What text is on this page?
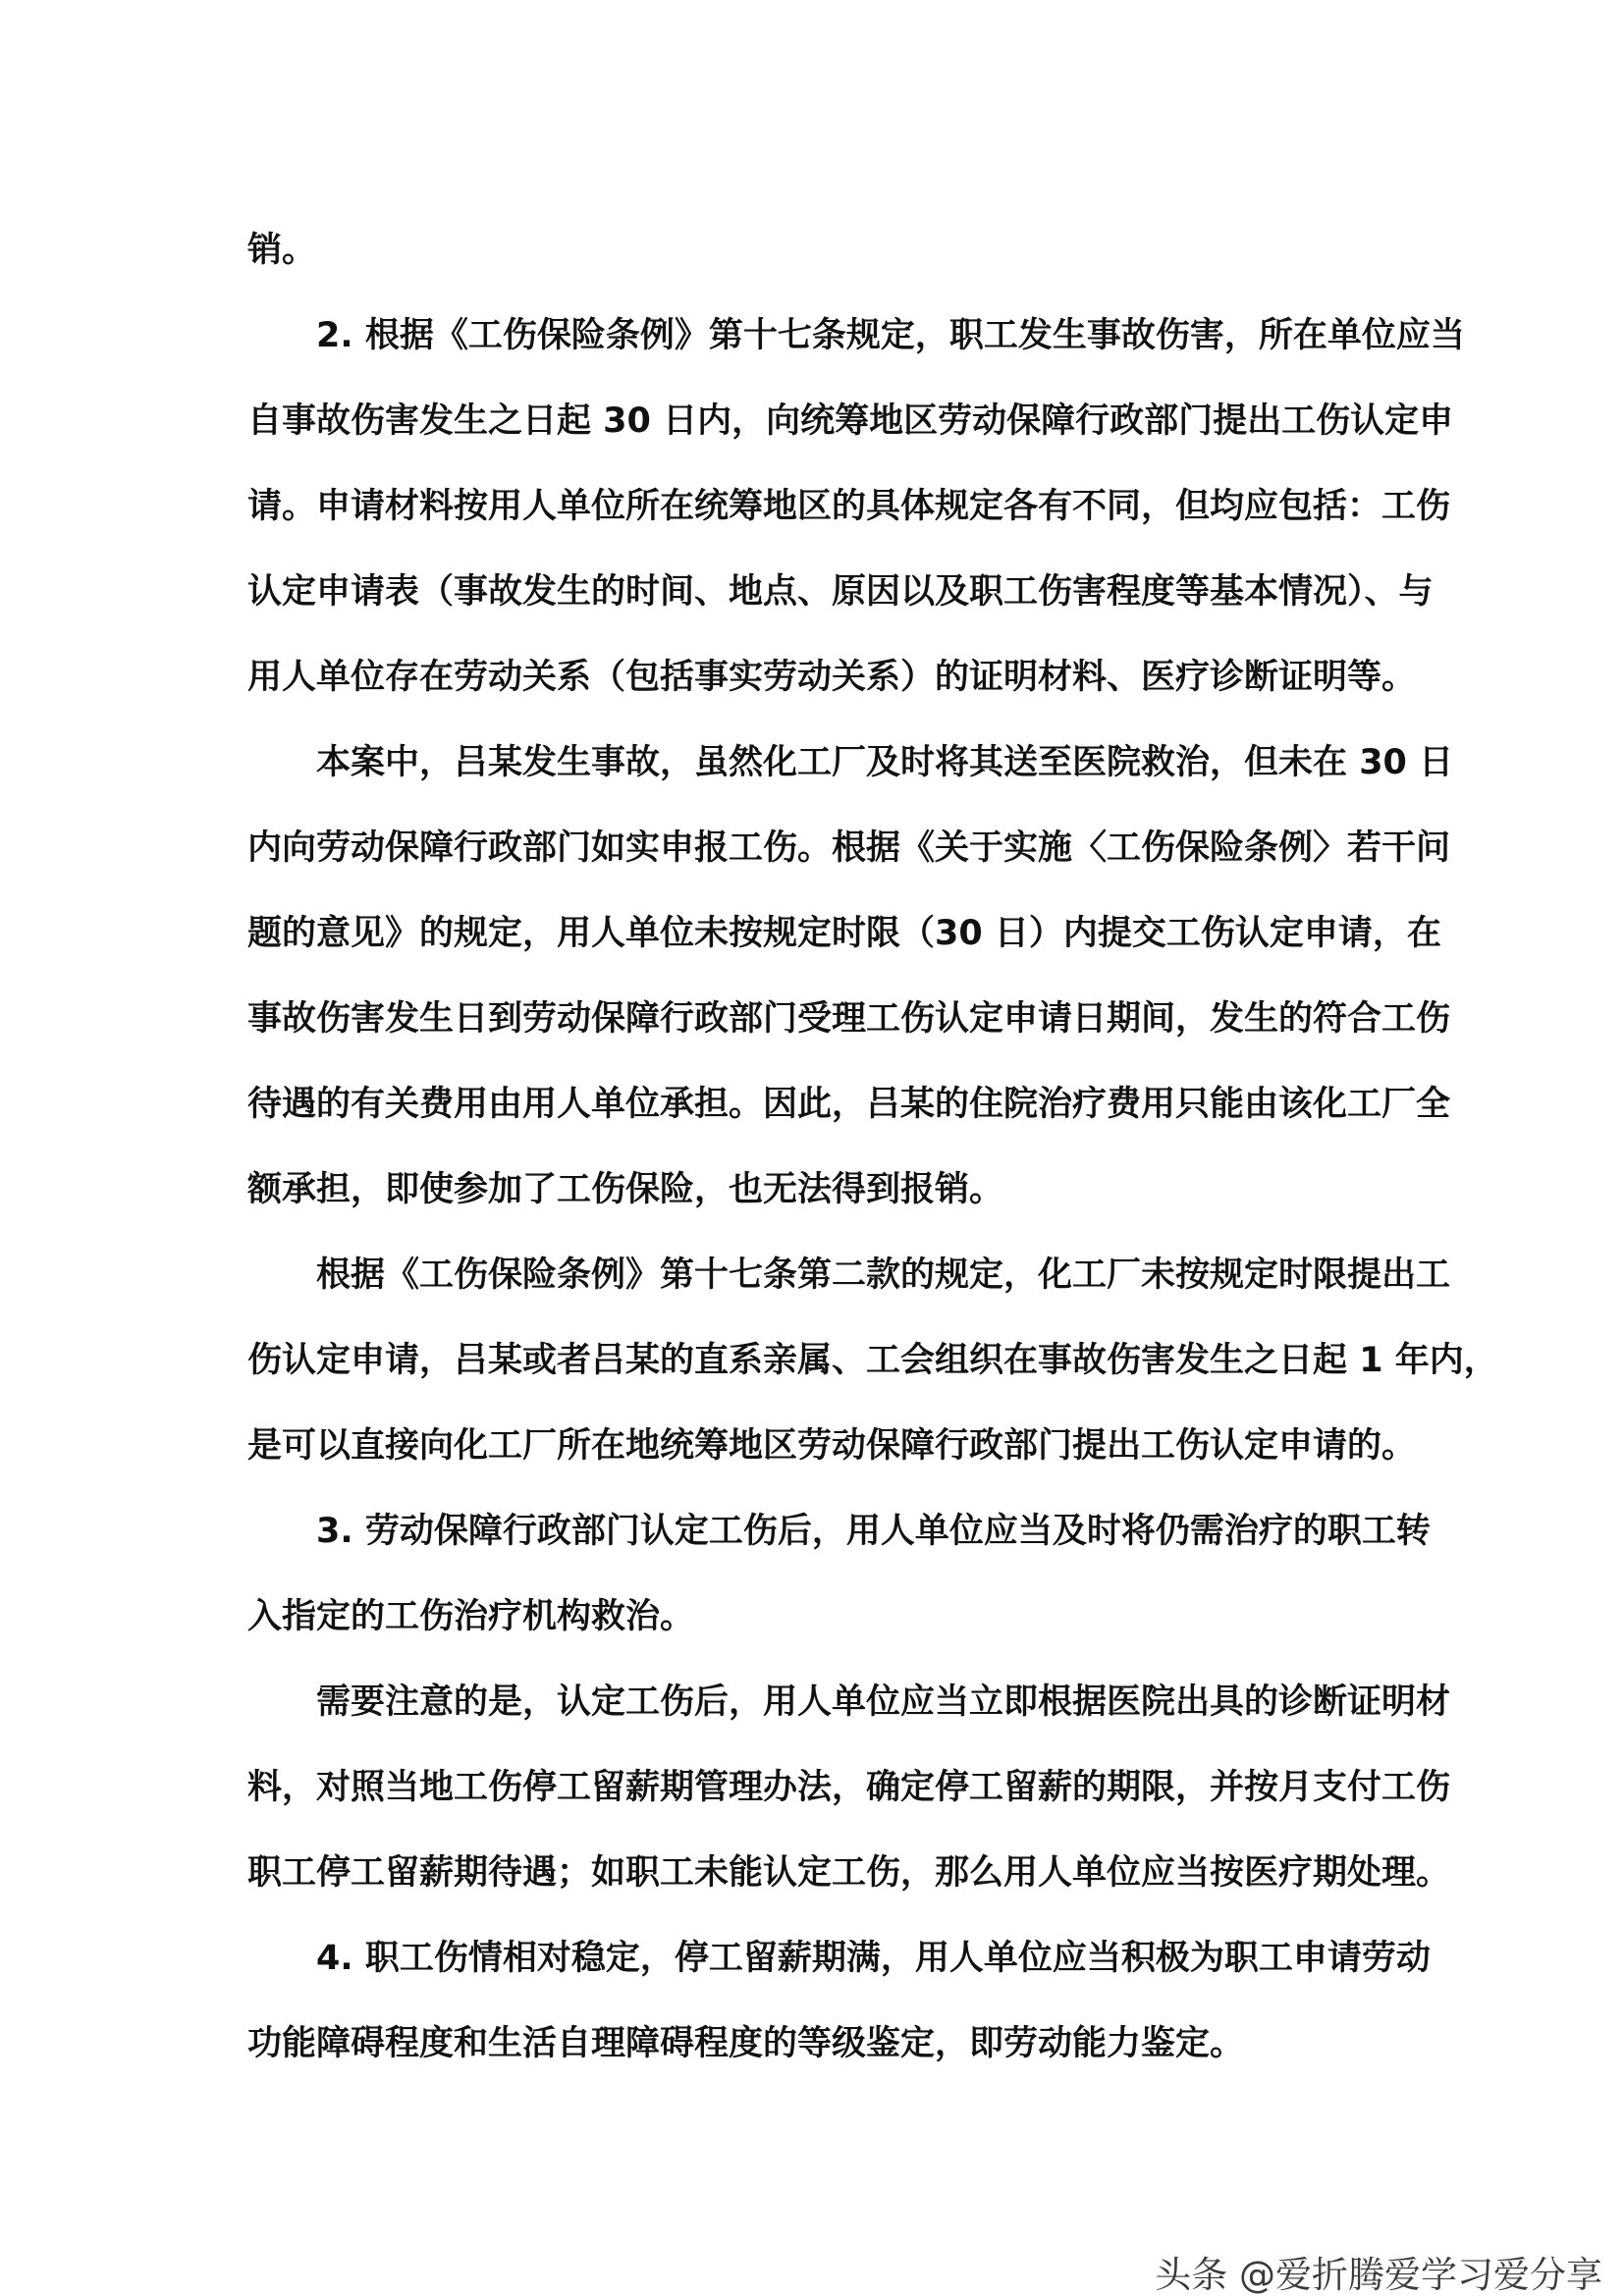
销。
2. 根据《工伤保险条例》第十七条规定，职工发生事故伤害，所在单位应当
自事故伤害发生之日起 30 日内，向统筹地区劳动保障行政部门提出工伤认定申
请。申请材料按用人单位所在统筹地区的具体规定各有不同，但均应包括：工伤
认定申请表（事故发生的时间、地点、原因以及职工伤害程度等基本情况）、与
用人单位存在劳动关系（包括事实劳动关系）的证明材料、医疗诊断证明等。
本案中，吕某发生事故，虽然化工厂及时将其送至医院救治，但未在 30 日
内向劳动保障行政部门如实申报工伤。根据《关于实施〈工伤保险条例〉若干问
题的意见》的规定，用人单位未按规定时限（30 日）内提交工伤认定申请，在
事故伤害发生日到劳动保障行政部门受理工伤认定申请日期间，发生的符合工伤
待遇的有关费用由用人单位承担。因此，吕某的住院治疗费用只能由该化工厂全
额承担，即使参加了工伤保险，也无法得到报销。
根据《工伤保险条例》第十七条第二款的规定，化工厂未按规定时限提出工
伤认定申请，吕某或者吕某的直系亲属、工会组织在事故伤害发生之日起 1 年内，
是可以直接向化工厂所在地统筹地区劳动保障行政部门提出工伤认定申请的。
3. 劳动保障行政部门认定工伤后，用人单位应当及时将仍需治疗的职工转
入指定的工伤治疗机构救治。
需要注意的是，认定工伤后，用人单位应当立即根据医院出具的诊断证明材
料，对照当地工伤停工留薪期管理办法，确定停工留薪的期限，并按月支付工伤
职工停工留薪期待遇；如职工未能认定工伤，那么用人单位应当按医疗期处理。
4. 职工伤情相对稳定，停工留薪期满，用人单位应当积极为职工申请劳动
功能障碍程度和生活自理障碍程度的等级鉴定，即劳动能力鉴定。
头条 @爱折腾爱学习爱分享
